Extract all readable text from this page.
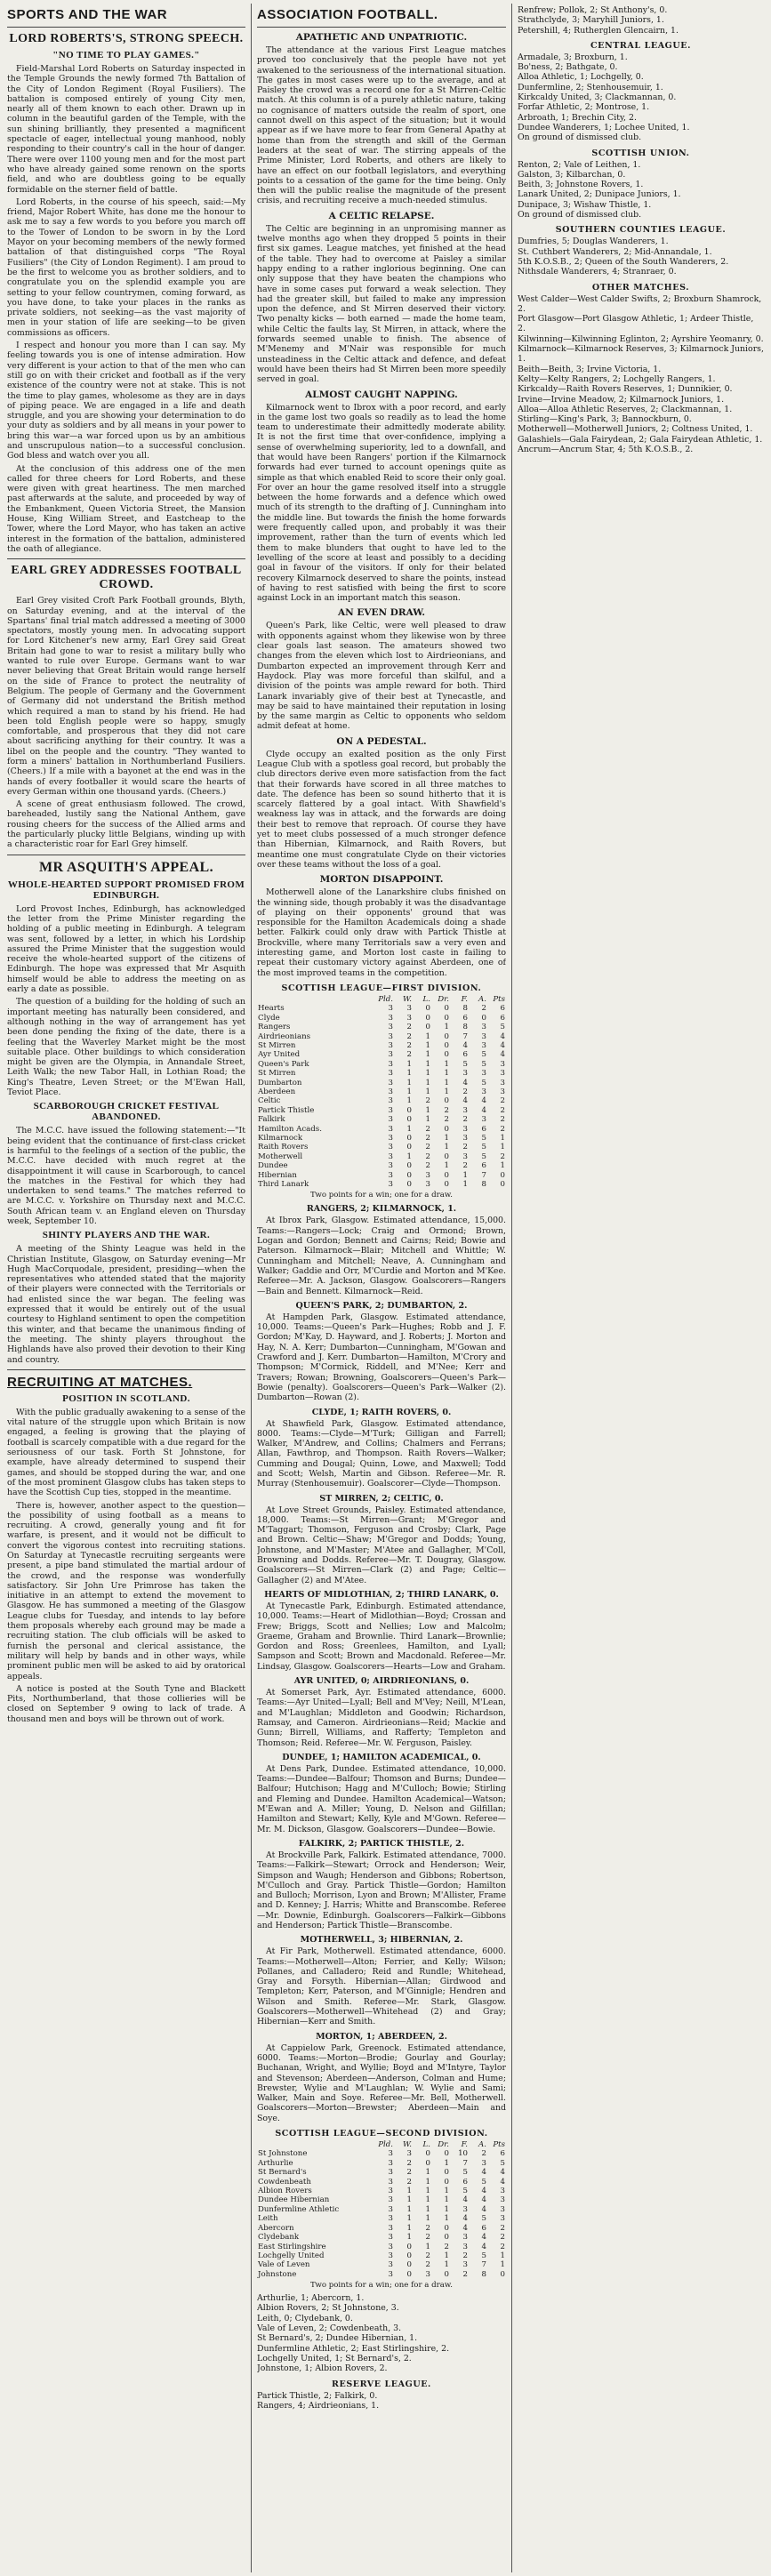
SPORTS AND THE WAR
LORD ROBERTS'S, STRONG SPEECH.
"NO TIME TO PLAY GAMES."

Field-Marshal Lord Roberts on Saturday inspected in the Temple Grounds the newly formed 7th Battalion of the City of London Regiment (Royal Fusiliers). The battalion is composed entirely of young City men, nearly all of them known to each other. Drawn up in column in the beautiful garden of the Temple, with the sun shining brilliantly, they presented a magnificent spectacle of eager, intellectual young manhood, nobly responding to their country's call in the hour of danger. There were over 1100 young men and for the most part who have already gained some renown on the sports field, and who are doubtless going to be equally formidable on the sterner field of battle.

Lord Roberts, in the course of his speech, said:—My friend, Major Robert White, has done me the honour to ask me to say a few words to you before you march off to the Tower of London to be sworn in by the Lord Mayor on your becoming members of the newly formed battalion of that distinguished corps "The Royal Fusiliers" (the City of London Regiment). I am proud to be the first to welcome you as brother soldiers, and to congratulate you on the splendid example you are setting to your fellow countrymen, coming forward, as you have done, to take your places in the ranks as private soldiers, not seeking—as the vast majority of men in your station of life are seeking—to be given commissions as officers.

I respect and honour you more than I can say. My feeling towards you is one of intense admiration. How very different is your action to that of the men who can still go on with their cricket and football as if the very existence of the country were not at stake. This is not the time to play games, wholesome as they are in days of piping peace. We are engaged in a life and death struggle, and you are showing your determination to do your duty as soldiers and by all means in your power to bring this war—a war forced upon us by an ambitious and unscrupulous nation—to a successful conclusion. God bless and watch over you all.

At the conclusion of this address one of the men called for three cheers for Lord Roberts, and these were given with great heartiness. The men marched past afterwards at the salute, and proceeded by way of the Embankment, Queen Victoria Street, the Mansion House, King William Street, and Eastcheap to the Tower, where the Lord Mayor, who has taken an active interest in the formation of the battalion, administered the oath of allegiance.

EARL GREY ADDRESSES FOOTBALL CROWD.

Earl Grey visited Croft Park Football grounds, Blyth, on Saturday evening, and at the interval of the Spartans' final trial match addressed a meeting of 3000 spectators, mostly young men. In advocating support for Lord Kitchener's new army, Earl Grey said Great Britain had gone to war to resist a military bully who wanted to rule over Europe. Germans want to war never believing that Great Britain would range herself on the side of France to protect the neutrality of Belgium. The people of Germany and the Government of Germany did not understand the British method which required a man to stand by his friend. He had been told English people were so happy, smugly comfortable, and prosperous that they did not care about sacrificing anything for their country. It was a libel on the people and the country. "They wanted to form a miners' battalion in Northumberland Fusiliers. (Cheers.) If a mile with a bayonet at the end was in the hands of every footballer it would scare the hearts of every German within one thousand yards. (Cheers.)

A scene of great enthusiasm followed. The crowd, bareheaded, lustily sang the National Anthem, gave rousing cheers for the success of the Allied arms and the particularly plucky little Belgians, winding up with a characteristic roar for Earl Grey himself.

MR ASQUITH'S APPEAL.
WHOLE-HEARTED SUPPORT PROMISED FROM EDINBURGH.

Lord Provost Inches, Edinburgh, has acknowledged the letter from the Prime Minister regarding the holding of a public meeting in Edinburgh. A telegram was sent, followed by a letter, in which his Lordship assured the Prime Minister that the suggestion would receive the whole-hearted support of the citizens of Edinburgh. The hope was expressed that Mr Asquith himself would be able to address the meeting on as early a date as possible.

The question of a building for the holding of such an important meeting has naturally been considered, and although nothing in the way of arrangement has yet been done pending the fixing of the date, there is a feeling that the Waverley Market might be the most suitable place. Other buildings to which consideration might be given are the Olympia, in Annandale Street, Leith Walk; the new Tabor Hall, in Lothian Road; the King's Theatre, Leven Street; or the M'Ewan Hall, Teviot Place.

SCARBOROUGH CRICKET FESTIVAL ABANDONED.

The M.C.C. have issued the following statement:—"It being evident that the continuance of first-class cricket is harmful to the feelings of a section of the public, the M.C.C. have decided with much regret at the disappointment it will cause in Scarborough, to cancel the matches in the Festival for which they had undertaken to send teams." The matches referred to are M.C.C. v. Yorkshire on Thursday next and M.C.C. South African team v. an England eleven on Thursday week, September 10.

SHINTY PLAYERS AND THE WAR.

A meeting of the Shinty League was held in the Christian Institute, Glasgow, on Saturday evening—Mr Hugh MacCorquodale, president, presiding—when the representatives who attended stated that the majority of their players were connected with the Territorials or had enlisted since the war began. The feeling was expressed that it would be entirely out of the usual courtesy to Highland sentiment to open the competition this winter, and that became the unanimous finding of the meeting. The shinty players throughout the Highlands have also proved their devotion to their King and country.

RECRUITING AT MATCHES.
POSITION IN SCOTLAND.

With the public gradually awakening to a sense of the vital nature of the struggle upon which Britain is now engaged, a feeling is growing that the playing of football is scarcely compatible with a due regard for the seriousness of our task. Forth St Johnstone, for example, have already determined to suspend their games, and should be stopped during the war, and one of the most prominent Glasgow clubs has taken steps to have the Scottish Cup ties, stopped in the meantime.

There is, however, another aspect to the question—the possibility of using football as a means to recruiting. A crowd, generally young and fit for warfare, is present, and it would not be difficult to convert the vigorous contest into recruiting stations. On Saturday at Tynecastle recruiting sergeants were present, a pipe band stimulated the martial ardour of the crowd, and the response was wonderfully satisfactory. Sir John Ure Primrose has taken the initiative in an attempt to extend the movement to Glasgow. He has summoned a meeting of the Glasgow League clubs for Tuesday, and intends to lay before them proposals whereby each ground may be made a recruiting station. The club officials will be asked to furnish the personal and clerical assistance, the military will help by bands and in other ways, while prominent public men will be asked to aid by oratorical appeals.

A notice is posted at the South Tyne and Blackett Pits, Northumberland, that those collieries will be closed on September 9 owing to lack of trade. A thousand men and boys will be thrown out of work.

ASSOCIATION FOOTBALL.
APATHETIC AND UNPATRIOTIC.

The attendance at the various First League matches proved too conclusively that the people have not yet awakened to the seriousness of the international situation. The gates in most cases were up to the average, and at Paisley the crowd was a record one for a St Mirren-Celtic match. At this column is of a purely athletic nature, taking no cognisance of matters outside the realm of sport, one cannot dwell on this aspect of the situation; but it would appear as if we have more to fear from General Apathy at home than from the strength and skill of the German leaders at the seat of war. The stirring appeals of the Prime Minister, Lord Roberts, and others are likely to have an effect on our football legislators, and everything points to a cessation of the game for the time being. Only then will the public realise the magnitude of the present crisis, and recruiting receive a much-needed stimulus.

A CELTIC RELAPSE.

The Celtic are beginning in an unpromising manner as twelve months ago when they dropped 5 points in their first six games. League matches, yet finished at the head of the table. They had to overcome at Paisley a similar happy ending to a rather inglorious beginning. One can only suppose that they have beaten the champions who have in some cases put forward a weak selection. They had the greater skill, but failed to make any impression upon the defence, and St Mirren deserved their victory. Two penalty kicks — both earned — made the home team, while Celtic the faults lay, St Mirren, in attack, where the forwards seemed unable to finish. The absence of M'Menemy and M'Nair was responsible for much unsteadiness in the Celtic attack and defence, and defeat would have been theirs had St Mirren been more speedily served in goal.

ALMOST CAUGHT NAPPING.

Kilmarnock went to Ibrox with a poor record, and early in the game lost two goals so readily as to lead the home team to underestimate their admittedly moderate ability. It is not the first time that over-confidence, implying a sense of overwhelming superiority, led to a downfall, and that would have been Rangers' portion if the Kilmarnock forwards had ever turned to account openings quite as simple as that which enabled Reid to score their only goal. For over an hour the game resolved itself into a struggle between the home forwards and a defence which owed much of its strength to the drafting of J. Cunningham into the middle line. But towards the finish the home forwards were frequently called upon, and probably it was their improvement, rather than the turn of events which led them to make blunders that ought to have led to the levelling of the score at least and possibly to a deciding goal in favour of the visitors. If only for their belated recovery Kilmarnock deserved to share the points, instead of having to rest satisfied with being the first to score against Lock in an important match this season.

AN EVEN DRAW.

Queen's Park, like Celtic, were well pleased to draw with opponents against whom they likewise won by three clear goals last season. The amateurs showed two changes from the eleven which lost to Airdrieonians, and Dumbarton expected an improvement through Kerr and Haydock. Play was more forceful than skilful, and a division of the points was ample reward for both. Third Lanark invariably give of their best at Tynecastle, and may be said to have maintained their reputation in losing by the same margin as Celtic to opponents who seldom admit defeat at home.

ON A PEDESTAL.

Clyde occupy an exalted position as the only First League Club with a spotless goal record, but probably the club directors derive even more satisfaction from the fact that their forwards have scored in all three matches to date. The defence has been so sound hitherto that it is scarcely flattered by a goal intact. With Shawfield's weakness lay was in attack, and the forwards are doing their best to remove that reproach. Of course they have yet to meet clubs possessed of a much stronger defence than Hibernian, Kilmarnock, and Raith Rovers, but meantime one must congratulate Clyde on their victories over these teams without the loss of a goal.

MORTON DISAPPOINT.

Motherwell alone of the Lanarkshire clubs finished on the winning side, though probably it was the disadvantage of playing on their opponents' ground that was responsible for the Hamilton Academicals doing a shade better. Falkirk could only draw with Partick Thistle at Brockville, where many Territorials saw a very even and interesting game, and Morton lost caste in failing to repeat their customary victory against Aberdeen, one of the most improved teams in the competition.

SCOTTISH LEAGUE—FIRST DIVISION.
	Pld.	W.	L.	Dr.	F.	A.	Pts
Hearts	3	3	0	0	8	2	6
Clyde	3	3	0	0	6	0	6
Rangers	3	2	0	1	8	3	5
Airdrieonians	3	2	1	0	7	3	4
St Mirren	3	2	1	0	4	3	4
Ayr United	3	2	1	0	6	5	4
Queen's Park	3	1	1	1	5	5	3
St Mirren	3	1	1	1	3	3	3
Dumbarton	3	1	1	1	4	5	3
Aberdeen	3	1	1	1	2	3	3
Celtic	3	1	2	0	4	4	2
Partick Thistle	3	0	1	2	3	4	2
Falkirk	3	0	1	2	2	3	2
Hamilton Acads.	3	1	2	0	3	6	2
Kilmarnock	3	0	2	1	3	5	1
Raith Rovers	3	0	2	1	2	5	1
Motherwell	3	1	2	0	3	5	2
Dundee	3	0	2	1	2	6	1
Hibernian	3	0	3	0	1	7	0
Third Lanark	3	0	3	0	1	8	0
Two points for a win; one for a draw.
RANGERS, 2; KILMARNOCK, 1.

At Ibrox Park, Glasgow. Estimated attendance, 15,000. Teams:—Rangers—Lock; Craig and Ormond; Brown, Logan and Gordon; Bennett and Cairns; Reid; Bowie and Paterson. Kilmarnock—Blair; Mitchell and Whittle; W. Cunningham and Mitchell; Neave, A. Cunningham and Walker; Gaddie and Orr, M'Curdie and Morton and M'Kee. Referee—Mr. A. Jackson, Glasgow. Goalscorers—Rangers—Bain and Bennett. Kilmarnock—Reid.

QUEEN'S PARK, 2; DUMBARTON, 2.

At Hampden Park, Glasgow. Estimated attendance, 10,000. Teams:—Queen's Park—Hughes; Robb and J. F. Gordon; M'Kay, D. Hayward, and J. Roberts; J. Morton and Hay, N. A. Kerr; Dumbarton—Cunningham, M'Gowan and Crawford and J. Kerr. Dumbarton—Hamilton, M'Crory and Thompson; M'Cormick, Riddell, and M'Nee; Kerr and Travers; Rowan; Browning, Goalscorers—Queen's Park—Bowie (penalty). Goalscorers—Queen's Park—Walker (2). Dumbarton—Rowan (2).

CLYDE, 1; RAITH ROVERS, 0.

At Shawfield Park, Glasgow. Estimated attendance, 8000. Teams:—Clyde—M'Turk; Gilligan and Farrell; Walker, M'Andrew, and Collins; Chalmers and Ferrans; Allan, Fawthrop, and Thompson. Raith Rovers—Walker; Cumming and Dougal; Quinn, Lowe, and Maxwell; Todd and Scott; Welsh, Martin and Gibson. Referee—Mr. R. Murray (Stenhousemuir). Goalscorer—Clyde—Thompson.

ST MIRREN, 2; CELTIC, 0.

At Love Street Grounds, Paisley. Estimated attendance, 18,000. Teams:—St Mirren—Grant; M'Gregor and M'Taggart; Thomson, Ferguson and Crosby; Clark, Page and Brown. Celtic—Shaw; M'Gregor and Dodds; Young, Johnstone, and M'Master; M'Atee and Gallagher, M'Coll, Browning and Dodds. Referee—Mr. T. Dougray, Glasgow. Goalscorers—St Mirren—Clark (2) and Page; Celtic—Gallagher (2) and M'Atee.

HEARTS OF MIDLOTHIAN, 2; THIRD LANARK, 0.

At Tynecastle Park, Edinburgh. Estimated attendance, 10,000. Teams:—Heart of Midlothian—Boyd; Crossan and Frew; Briggs, Scott and Nellies; Low and Malcolm; Graeme, Graham and Brownlie. Third Lanark—Brownlie; Gordon and Ross; Greenlees, Hamilton, and Lyall; Sampson and Scott; Brown and Macdonald. Referee—Mr. Lindsay, Glasgow. Goalscorers—Hearts—Low and Graham.

AYR UNITED, 0; AIRDRIEONIANS, 0.

At Somerset Park, Ayr. Estimated attendance, 6000. Teams:—Ayr United—Lyall; Bell and M'Vey; Neill, M'Lean, and M'Laughlan; Middleton and Goodwin; Richardson, Ramsay, and Cameron. Airdrieonians—Reid; Mackie and Gunn; Birrell, Williams, and Rafferty; Templeton and Thomson; Reid. Referee—Mr. W. Ferguson, Paisley.

DUNDEE, 1; HAMILTON ACADEMICAL, 0.

At Dens Park, Dundee. Estimated attendance, 10,000. Teams:—Dundee—Balfour; Thomson and Burns; Dundee—Balfour; Hutchison; Hagg and M'Culloch; Bowie; Stirling and Fleming and Dundee. Hamilton Academical—Watson; M'Ewan and A. Miller; Young, D. Nelson and Gilfillan; Hamilton and Stewart; Kelly, Kyle and M'Gown. Referee—Mr. M. Dickson, Glasgow. Goalscorers—Dundee—Bowie.

FALKIRK, 2; PARTICK THISTLE, 2.

At Brockville Park, Falkirk. Estimated attendance, 7000. Teams:—Falkirk—Stewart; Orrock and Henderson; Weir, Simpson and Waugh; Henderson and Gibbons; Robertson, M'Culloch and Gray. Partick Thistle—Gordon; Hamilton and Bulloch; Morrison, Lyon and Brown; M'Allister, Frame and D. Kenney; J. Harris; Whitte and Branscombe. Referee—Mr. Downie, Edinburgh. Goalscorers—Falkirk—Gibbons and Henderson; Partick Thistle—Branscombe.

MOTHERWELL, 3; HIBERNIAN, 2.

At Fir Park, Motherwell. Estimated attendance, 6000. Teams:—Motherwell—Alton; Ferrier, and Kelly; Wilson; Pollanes, and Calladero; Reid and Rundle; Whitehead, Gray and Forsyth. Hibernian—Allan; Girdwood and Templeton; Kerr, Paterson, and M'Ginnigle; Hendren and Wilson and Smith. Referee—Mr. Stark, Glasgow. Goalscorers—Motherwell—Whitehead (2) and Gray; Hibernian—Kerr and Smith.

MORTON, 1; ABERDEEN, 2.

At Cappielow Park, Greenock. Estimated attendance, 6000. Teams:—Morton—Brodie; Gourlay and Gourlay; Buchanan, Wright, and Wyllie; Boyd and M'Intyre, Taylor and Stevenson; Aberdeen—Anderson, Colman and Hume; Brewster, Wylie and M'Laughlan; W. Wylie and Sami; Walker, Main and Soye. Referee—Mr. Bell, Motherwell. Goalscorers—Morton—Brewster; Aberdeen—Main and Soye.

SCOTTISH LEAGUE—SECOND DIVISION.
	Pld.	W.	L.	Dr.	F.	A.	Pts
St Johnstone	3	3	0	0	10	2	6
Arthurlie	3	2	0	1	7	3	5
St Bernard's	3	2	1	0	5	4	4
Cowdenbeath	3	2	1	0	6	5	4
Albion Rovers	3	1	1	1	5	4	3
Dundee Hibernian	3	1	1	1	4	4	3
Dunfermline Athletic	3	1	1	1	3	4	3
Leith	3	1	1	1	4	5	3
Abercorn	3	1	2	0	4	6	2
Clydebank	3	1	2	0	3	4	2
East Stirlingshire	3	0	1	2	3	4	2
Lochgelly United	3	0	2	1	2	5	1
Vale of Leven	3	0	2	1	3	7	1
Johnstone	3	0	3	0	2	8	0
Two points for a win; one for a draw.

Arthurlie, 1; Abercorn, 1.

Albion Rovers, 2; St Johnstone, 3.

Leith, 0; Clydebank, 0.

Vale of Leven, 2; Cowdenbeath, 3.

St Bernard's, 2; Dundee Hibernian, 1.

Dunfermline Athletic, 2; East Stirlingshire, 2.

Lochgelly United, 1; St Bernard's, 2.

Johnstone, 1; Albion Rovers, 2.

RESERVE LEAGUE.

Partick Thistle, 2; Falkirk, 0.

Rangers, 4; Airdrieonians, 1.

Renfrew; Pollok, 2; St Anthony's, 0.

Strathclyde, 3; Maryhill Juniors, 1.

Petershill, 4; Rutherglen Glencairn, 1.

CENTRAL LEAGUE.

Armadale, 3; Broxburn, 1.

Bo'ness, 2; Bathgate, 0.

Alloa Athletic, 1; Lochgelly, 0.

Dunfermline, 2; Stenhousemuir, 1.

Kirkcaldy United, 3; Clackmannan, 0.

Forfar Athletic, 2; Montrose, 1.

Arbroath, 1; Brechin City, 2.

Dundee Wanderers, 1; Lochee United, 1.

On ground of dismissed club.

SCOTTISH UNION.

Renton, 2; Vale of Leithen, 1.

Galston, 3; Kilbarchan, 0.

Beith, 3; Johnstone Rovers, 1.

Lanark United, 2; Dunipace Juniors, 1.

Dunipace, 3; Wishaw Thistle, 1.

On ground of dismissed club.

SOUTHERN COUNTIES LEAGUE.

Dumfries, 5; Douglas Wanderers, 1.

St. Cuthbert Wanderers, 2; Mid-Annandale, 1.

5th K.O.S.B., 2; Queen of the South Wanderers, 2.

Nithsdale Wanderers, 4; Stranraer, 0.

OTHER MATCHES.

West Calder—West Calder Swifts, 2; Broxburn Shamrock, 2.

Port Glasgow—Port Glasgow Athletic, 1; Ardeer Thistle, 2.

Kilwinning—Kilwinning Eglinton, 2; Ayrshire Yeomanry, 0.

Kilmarnock—Kilmarnock Reserves, 3; Kilmarnock Juniors, 1.

Beith—Beith, 3; Irvine Victoria, 1.

Kelty—Kelty Rangers, 2; Lochgelly Rangers, 1.

Kirkcaldy—Raith Rovers Reserves, 1; Dunnikier, 0.

Irvine—Irvine Meadow, 2; Kilmarnock Juniors, 1.

Alloa—Alloa Athletic Reserves, 2; Clackmannan, 1.

Stirling—King's Park, 3; Bannockburn, 0.

Motherwell—Motherwell Juniors, 2; Coltness United, 1.

Galashiels—Gala Fairydean, 2; Gala Fairydean Athletic, 1.

Ancrum—Ancrum Star, 4; 5th K.O.S.B., 2.
